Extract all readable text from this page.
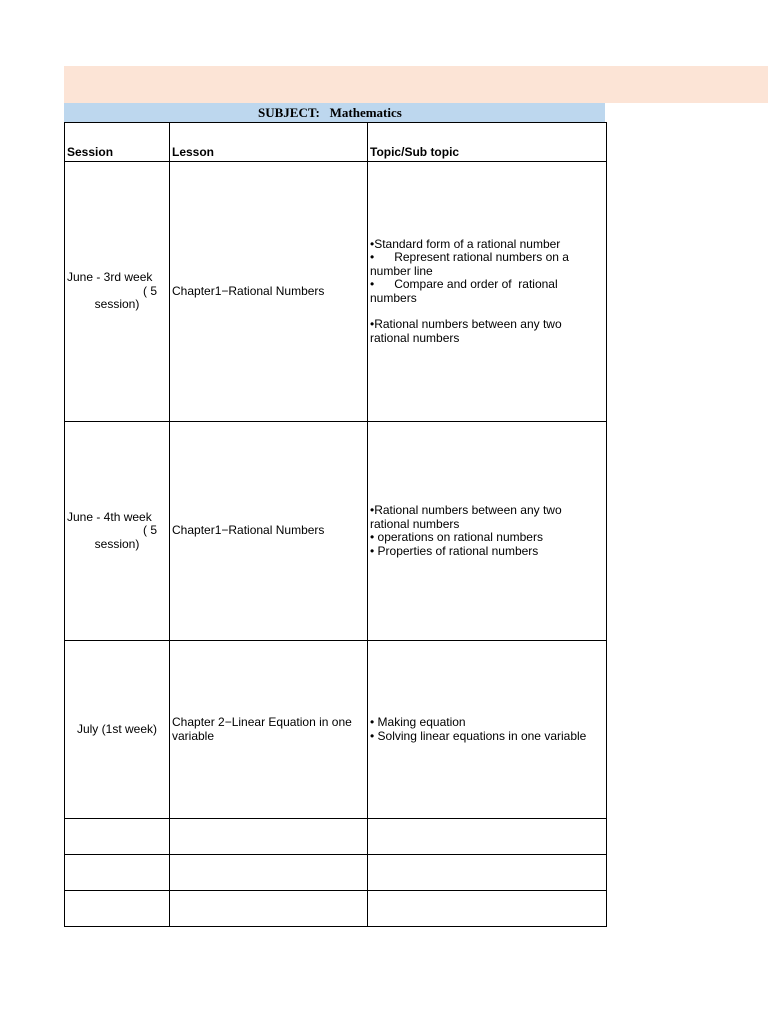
SUBJECT:   Mathematics
Session	Lesson	Topic/Sub topic

June - 3rd week
( 5
session)	Chapter1−Rational Numbers	•Standard form of a rational number
•      Represent rational numbers on a number line
•      Compare and order of  rational numbers
•Rational numbers between any two rational numbers

June - 4th week
( 5
session)	Chapter1−Rational Numbers	•Rational numbers between any two rational numbers
• operations on rational numbers
• Properties of rational numbers

July (1st week)	Chapter 2−Linear Equation in one variable	• Making equation
• Solving linear equations in one variable
